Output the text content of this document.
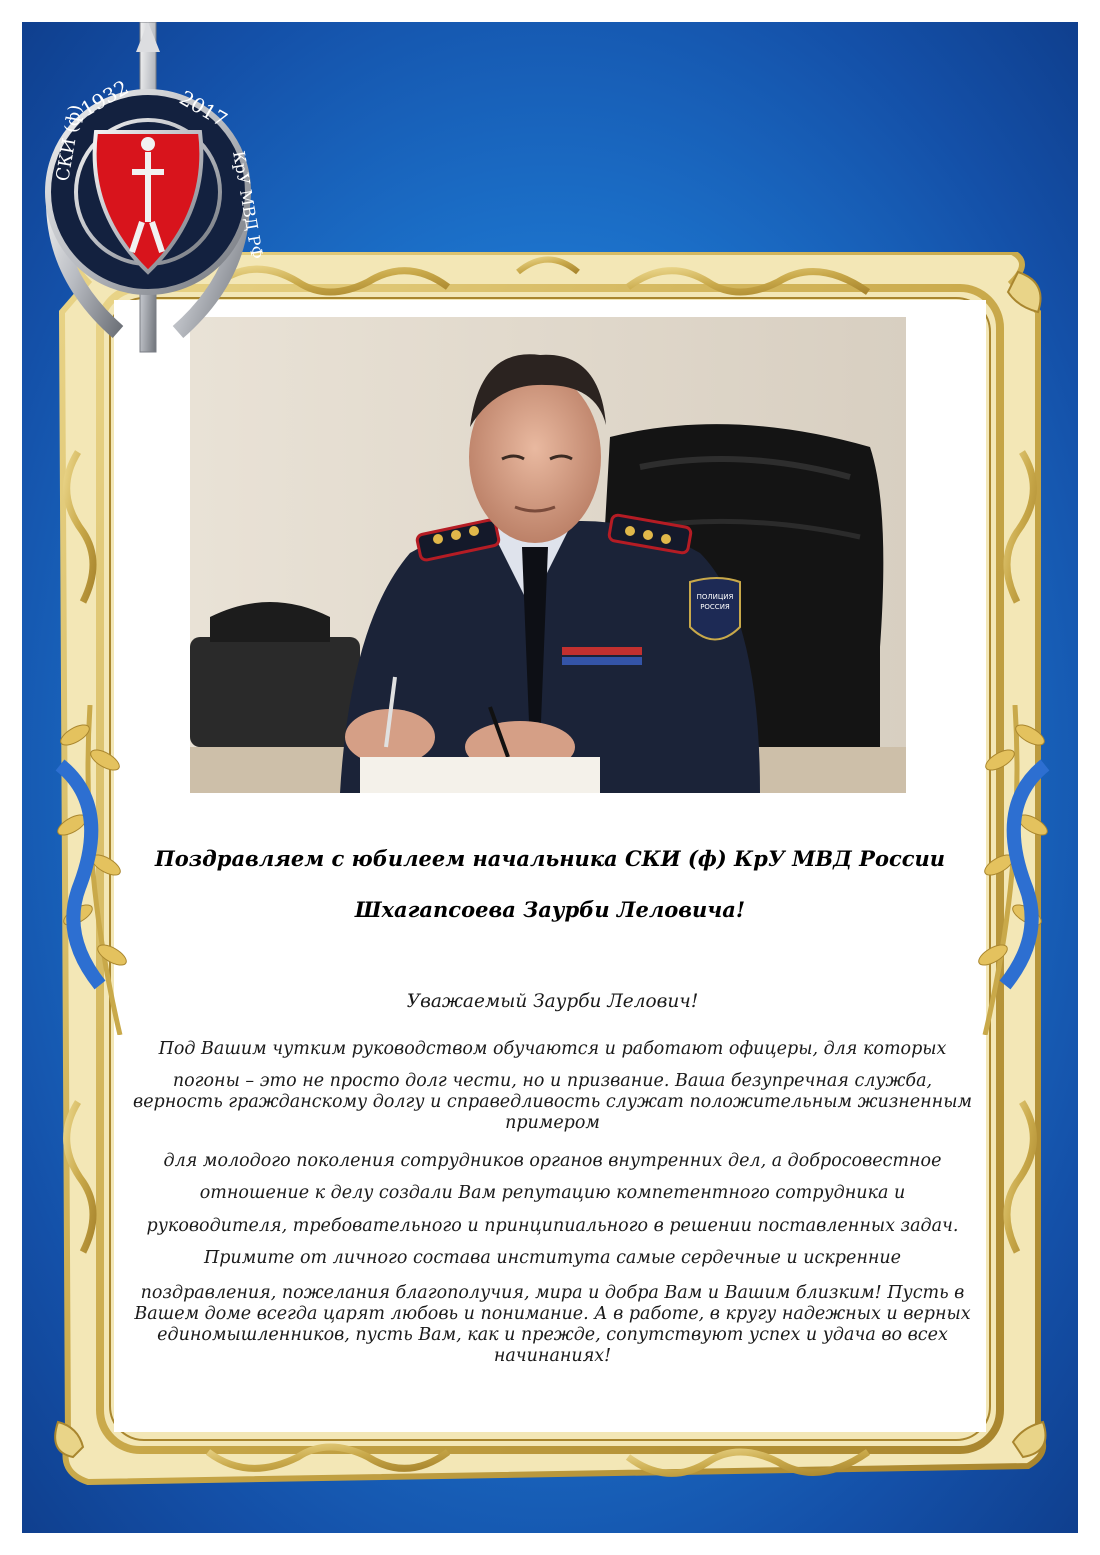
ПОЛИЦИЯ
РОССИЯ
1932 2017
СКИ (ф)
КрУ МВД РФ
Поздравляем с юбилеем начальника СКИ (ф) КрУ МВД России
Шхагапсоева Заурби Леловича!
Уважаемый Заурби Лелович!
Под Вашим чутким руководством обучаются и работают офицеры, для которых
погоны – это не просто долг чести, но и призвание. Ваша безупречная служба, верность гражданскому долгу и справедливость служат положительным жизненным примером
для молодого поколения сотрудников органов внутренних дел, а добросовестное
отношение к делу создали Вам репутацию компетентного сотрудника и
руководителя, требовательного и принципиального в решении поставленных задач.
Примите от личного состава института самые сердечные и искренние
поздравления, пожелания благополучия, мира и добра Вам и Вашим близким! Пусть в Вашем доме всегда царят любовь и понимание. А в работе, в кругу надежных и верных единомышленников, пусть Вам, как и прежде, сопутствуют успех и удача во всех начинаниях!
